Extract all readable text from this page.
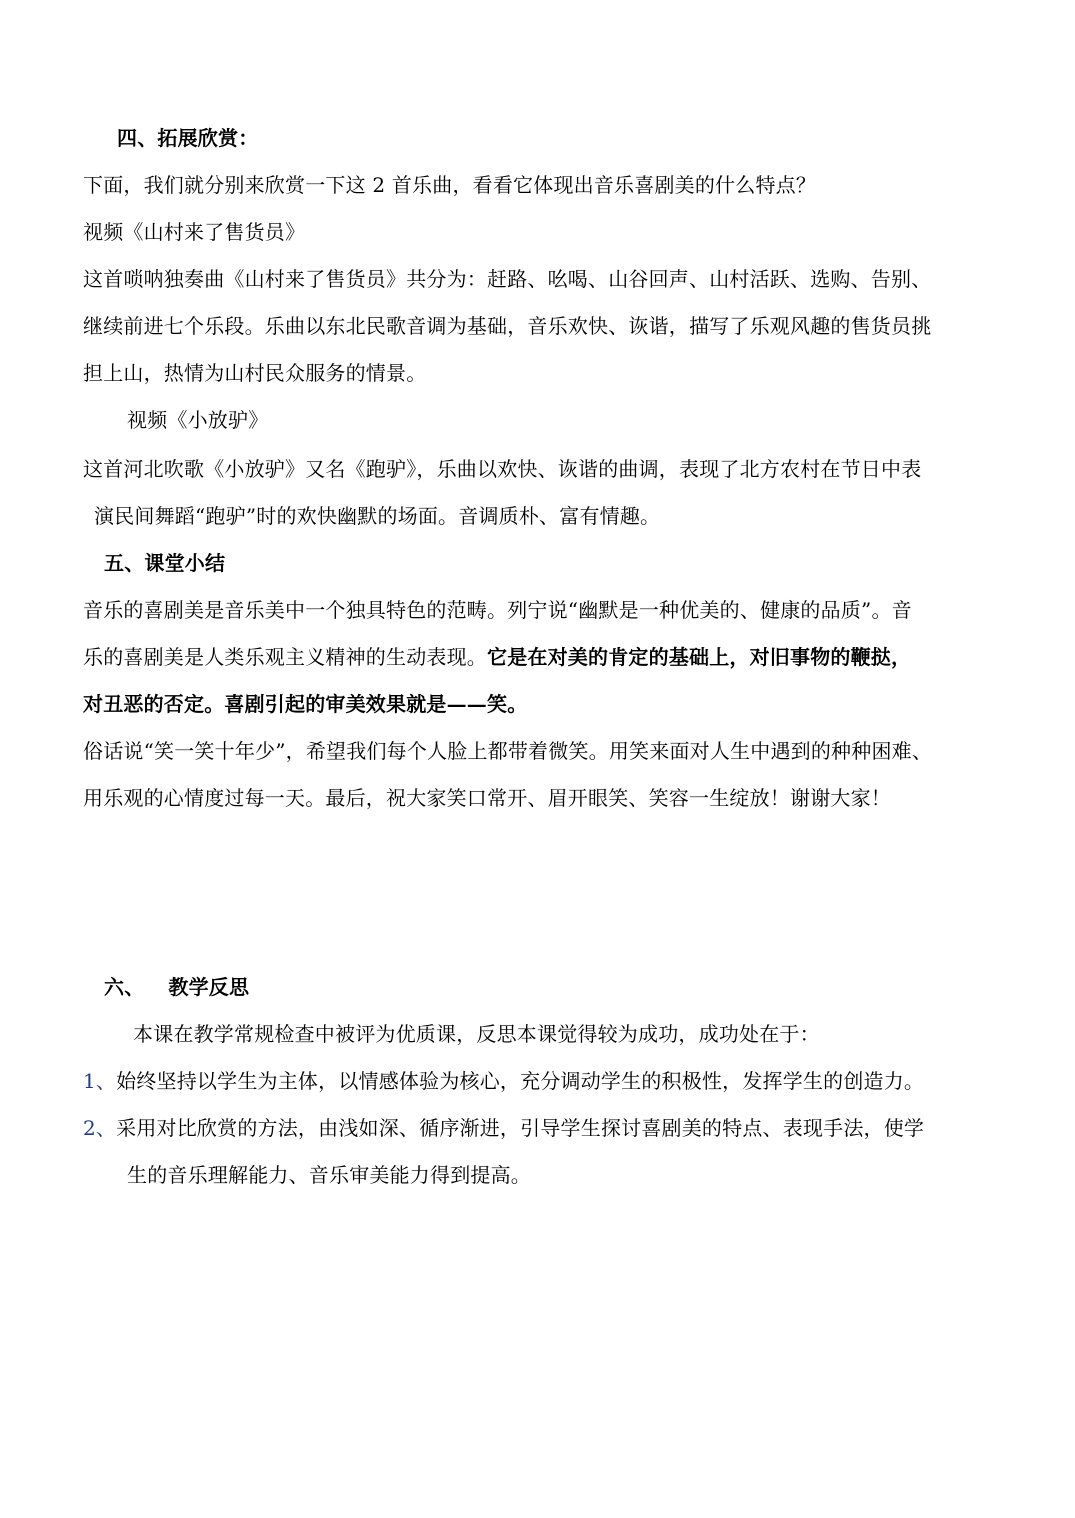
四、拓展欣赏：
下面，我们就分别来欣赏一下这 2 首乐曲，看看它体现出音乐喜剧美的什么特点？
视频《山村来了售货员》
这首唢呐独奏曲《山村来了售货员》共分为：赶路、吆喝、山谷回声、山村活跃、选购、告别、
继续前进七个乐段。乐曲以东北民歌音调为基础，音乐欢快、诙谐，描写了乐观风趣的售货员挑
担上山，热情为山村民众服务的情景。
视频《小放驴》
这首河北吹歌《小放驴》又名《跑驴》，乐曲以欢快、诙谐的曲调，表现了北方农村在节日中表
演民间舞蹈“跑驴”时的欢快幽默的场面。音调质朴、富有情趣。
五、课堂小结
音乐的喜剧美是音乐美中一个独具特色的范畴。列宁说“幽默是一种优美的、健康的品质”。音
乐的喜剧美是人类乐观主义精神的生动表现。它是在对美的肯定的基础上，对旧事物的鞭挞，
对丑恶的否定。喜剧引起的审美效果就是——笑。
俗话说“笑一笑十年少”，希望我们每个人脸上都带着微笑。用笑来面对人生中遇到的种种困难、
用乐观的心情度过每一天。最后，祝大家笑口常开、眉开眼笑、笑容一生绽放！谢谢大家！
六、 教学反思
本课在教学常规检查中被评为优质课，反思本课觉得较为成功，成功处在于：
1、始终坚持以学生为主体，以情感体验为核心，充分调动学生的积极性，发挥学生的创造力。
2、采用对比欣赏的方法，由浅如深、循序渐进，引导学生探讨喜剧美的特点、表现手法，使学
生的音乐理解能力、音乐审美能力得到提高。
